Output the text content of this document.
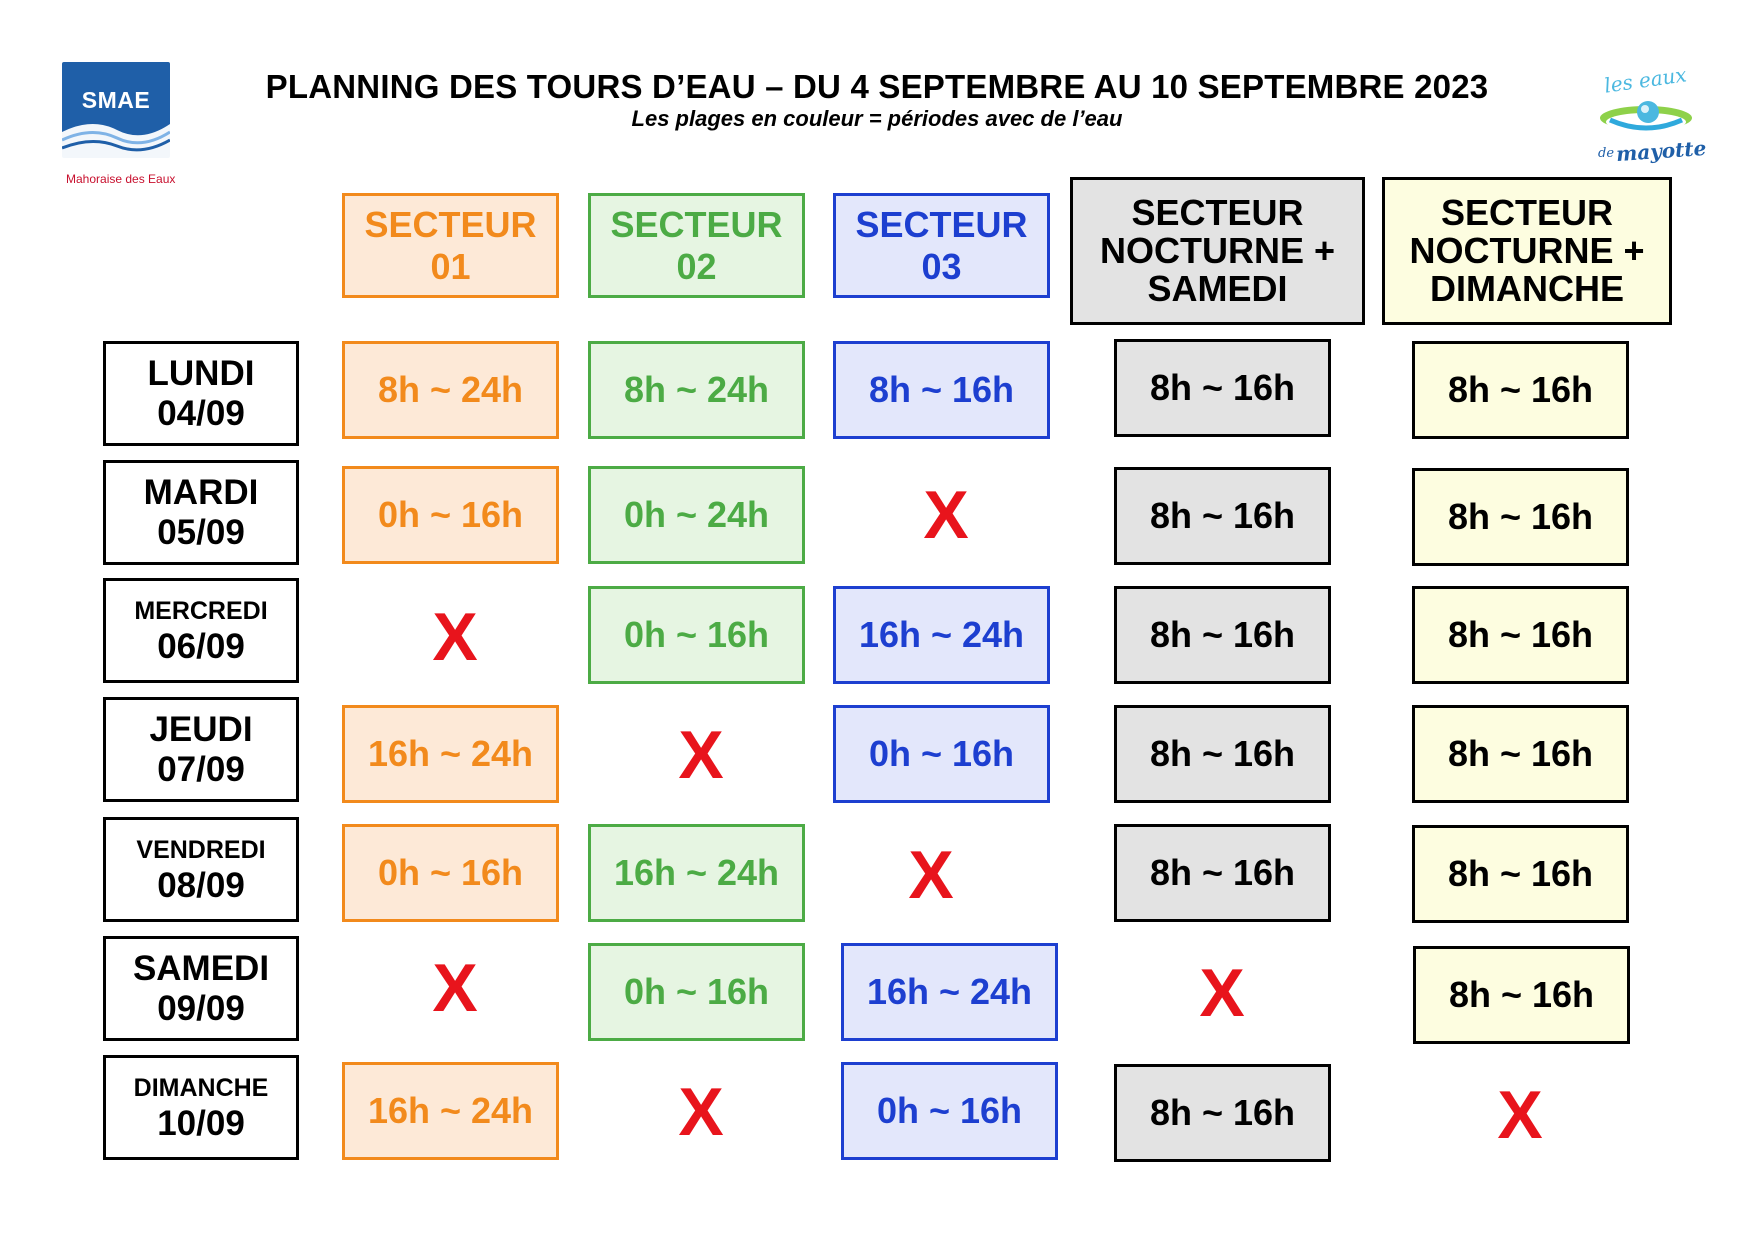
SMAE
Mahoraise des Eaux
les eaux
de mayotte
PLANNING DES TOURS D’EAU – DU 4 SEPTEMBRE AU 10 SEPTEMBRE 2023
Les plages en couleur = périodes avec de l’eau
SECTEUR
01
SECTEUR
02
SECTEUR
03
SECTEUR
NOCTURNE +
SAMEDI
SECTEUR
NOCTURNE +
DIMANCHE
LUNDI

04/09
8h ~ 24h	8h ~ 24h	8h ~ 16h	8h ~ 16h	8h ~ 16h
MARDI

05/09	0h ~ 16h	0h ~ 24h	X	8h ~ 16h	8h ~ 16h
MERCREDI

06/09	X	0h ~ 16h	16h ~ 24h	8h ~ 16h	8h ~ 16h
JEUDI

07/09	16h ~ 24h	X	0h ~ 16h	8h ~ 16h	8h ~ 16h
VENDREDI

08/09	0h ~ 16h	16h ~ 24h	X	8h ~ 16h	8h ~ 16h
SAMEDI

09/09	X	0h ~ 16h	16h ~ 24h	X	8h ~ 16h
DIMANCHE

10/09	16h ~ 24h	X	0h ~ 16h	8h ~ 16h	X
